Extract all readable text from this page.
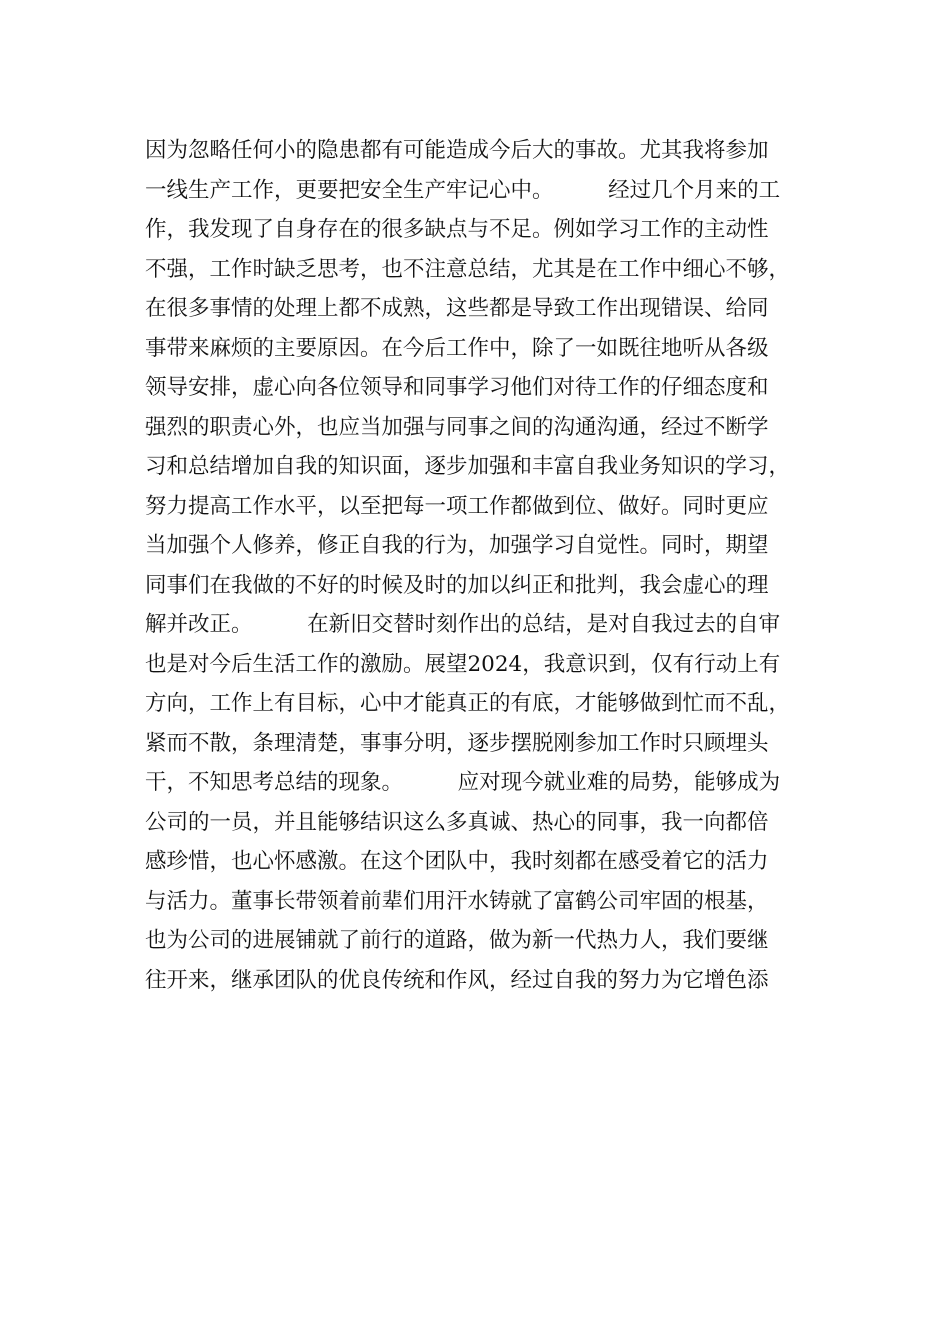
因为忽略任何小的隐患都有可能造成今后大的事故。尤其我将参加
一线生产工作，更要把安全生产牢记心中。        经过几个月来的工
作，我发现了自身存在的很多缺点与不足。例如学习工作的主动性
不强，工作时缺乏思考，也不注意总结，尤其是在工作中细心不够，
在很多事情的处理上都不成熟，这些都是导致工作出现错误、给同
事带来麻烦的主要原因。在今后工作中，除了一如既往地听从各级
领导安排，虚心向各位领导和同事学习他们对待工作的仔细态度和
强烈的职责心外，也应当加强与同事之间的沟通沟通，经过不断学
习和总结增加自我的知识面，逐步加强和丰富自我业务知识的学习，
努力提高工作水平，以至把每一项工作都做到位、做好。同时更应
当加强个人修养，修正自我的行为，加强学习自觉性。同时，期望
同事们在我做的不好的时候及时的加以纠正和批判，我会虚心的理
解并改正。        在新旧交替时刻作出的总结，是对自我过去的自审
也是对今后生活工作的激励。展望2024，我意识到，仅有行动上有
方向，工作上有目标，心中才能真正的有底，才能够做到忙而不乱，
紧而不散，条理清楚，事事分明，逐步摆脱刚参加工作时只顾埋头
干，不知思考总结的现象。        应对现今就业难的局势，能够成为
公司的一员，并且能够结识这么多真诚、热心的同事，我一向都倍
感珍惜，也心怀感激。在这个团队中，我时刻都在感受着它的活力
与活力。董事长带领着前辈们用汗水铸就了富鹤公司牢固的根基，
也为公司的进展铺就了前行的道路，做为新一代热力人，我们要继
往开来，继承团队的优良传统和作风，经过自我的努力为它增色添
